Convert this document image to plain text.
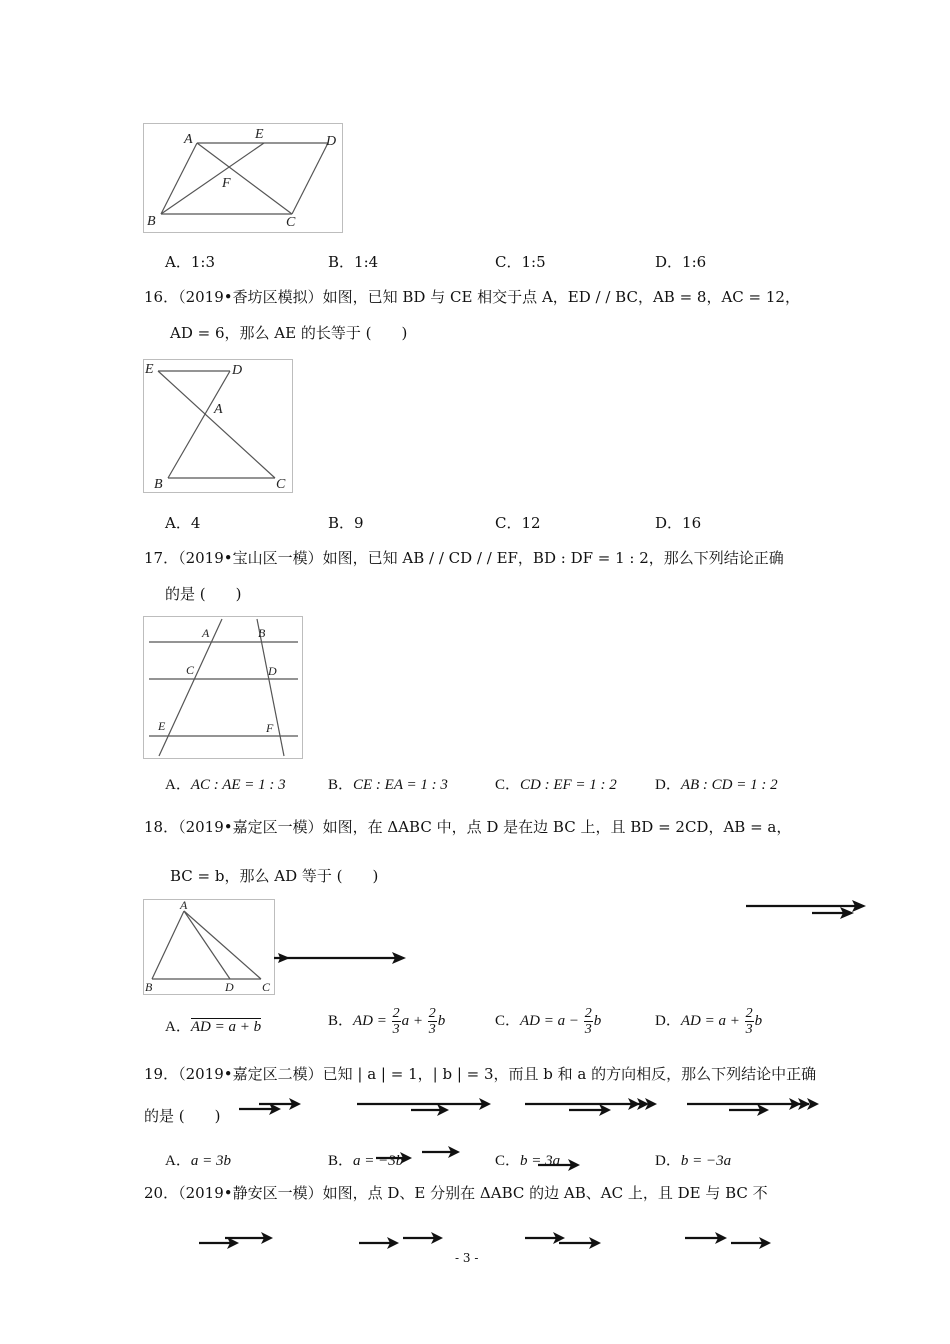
A	E	D
F
B	C
A．1:3	B．1:4	C．1:5	D．1:6
16．（2019•香坊区模拟）如图，已知 BD 与 CE 相交于点 A，ED / / BC，AB = 8，AC = 12，
AD = 6，那么 AE 的长等于 (　　)
E	D
A
B	C
A．4	B．9	C．12	D．16
17．（2019•宝山区一模）如图，已知 AB / / CD / / EF，BD : DF = 1 : 2，那么下列结论正确
的是 (　　)
A	B
C	D
E	F
A．AC : AE = 1 : 3	B．CE : EA = 1 : 3	C．CD : EF = 1 : 2	D．AB : CD = 1 : 2
18．（2019•嘉定区一模）如图，在 ΔABC 中，点 D 是在边 BC 上，且 BD = 2CD，AB = a，
BC = b，那么 AD 等于 (　　)
A
B	D C
A．AD = a + b	B．AD = $\frac{2}{3}$ $a + \frac{2}{3}$ b	C．AD = $a - \frac{2}{3}$ b	D．AD = $a + \frac{2}{3}$ b
19．（2019•嘉定区二模）已知 | a | = 1，| b | = 3，而且 b 和 a 的方向相反，那么下列结论中正确
的是 (　　)
A．a = 3b	B．a = −3b	C．b = 3a	D．b = −3a
20．（2019•静安区一模）如图，点 D、E 分别在 ΔABC 的边 AB、AC 上，且 DE 与 BC 不
- 3 -
